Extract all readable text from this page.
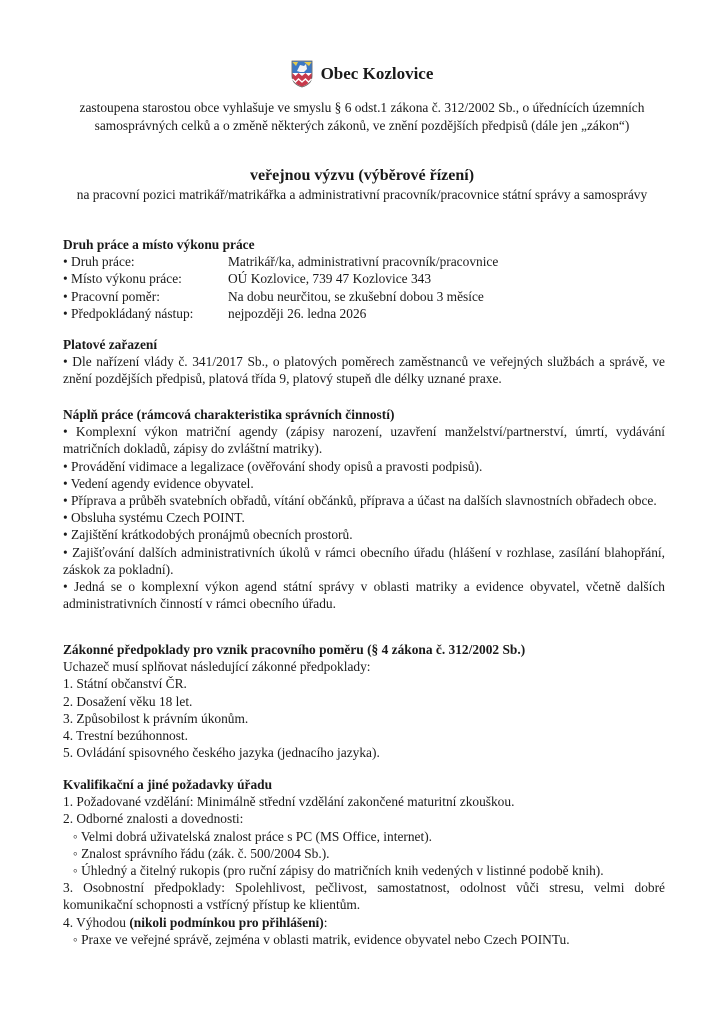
Obec Kozlovice

zastoupena starostou obce vyhlašuje ve smyslu § 6 odst.1 zákona č. 312/2002 Sb., o úřednících územních samosprávných celků a o změně některých zákonů, ve znění pozdějších předpisů (dále jen „zákon“)

veřejnou výzvu (výběrové řízení)

na pracovní pozici matrikář/matrikářka a administrativní pracovník/pracovnice státní správy a samosprávy

Druh práce a místo výkonu práce

• Druh práce:	Matrikář/ka, administrativní pracovník/pracovnice
• Místo výkonu práce:	OÚ Kozlovice, 739 47 Kozlovice 343
• Pracovní poměr:	Na dobu neurčitou, se zkušební dobou 3 měsíce
• Předpokládaný nástup:	nejpozději 26. ledna 2026

Platové zařazení

• Dle nařízení vlády č. 341/2017 Sb., o platových poměrech zaměstnanců ve veřejných službách a správě, ve znění pozdějších předpisů, platová třída 9, platový stupeň dle délky uznané praxe.

Náplň práce (rámcová charakteristika správních činností)

• Komplexní výkon matriční agendy (zápisy narození, uzavření manželství/partnerství, úmrtí, vydávání matričních dokladů, zápisy do zvláštní matriky).

• Provádění vidimace a legalizace (ověřování shody opisů a pravosti podpisů).

• Vedení agendy evidence obyvatel.

• Příprava a průběh svatebních obřadů, vítání občánků, příprava a účast na dalších slavnostních obřadech obce.

• Obsluha systému Czech POINT.

• Zajištění krátkodobých pronájmů obecních prostorů.

• Zajišťování dalších administrativních úkolů v rámci obecního úřadu (hlášení v rozhlase, zasílání blahopřání, záskok za pokladní).

• Jedná se o komplexní výkon agend státní správy v oblasti matriky a evidence obyvatel, včetně dalších administrativních činností v rámci obecního úřadu.

Zákonné předpoklady pro vznik pracovního poměru (§ 4 zákona č. 312/2002 Sb.)

Uchazeč musí splňovat následující zákonné předpoklady:

1. Státní občanství ČR.

2. Dosažení věku 18 let.

3. Způsobilost k právním úkonům.

4. Trestní bezúhonnost.

5. Ovládání spisovného českého jazyka (jednacího jazyka).

Kvalifikační a jiné požadavky úřadu

1. Požadované vzdělání: Minimálně střední vzdělání zakončené maturitní zkouškou.

2. Odborné znalosti a dovednosti:

◦ Velmi dobrá uživatelská znalost práce s PC (MS Office, internet).

◦ Znalost správního řádu (zák. č. 500/2004 Sb.).

◦ Úhledný a čitelný rukopis (pro ruční zápisy do matričních knih vedených v listinné podobě knih).

3. Osobnostní předpoklady: Spolehlivost, pečlivost, samostatnost, odolnost vůči stresu, velmi dobré komunikační schopnosti a vstřícný přístup ke klientům.

4. Výhodou (nikoli podmínkou pro přihlášení):

◦ Praxe ve veřejné správě, zejména v oblasti matrik, evidence obyvatel nebo Czech POINTu.
